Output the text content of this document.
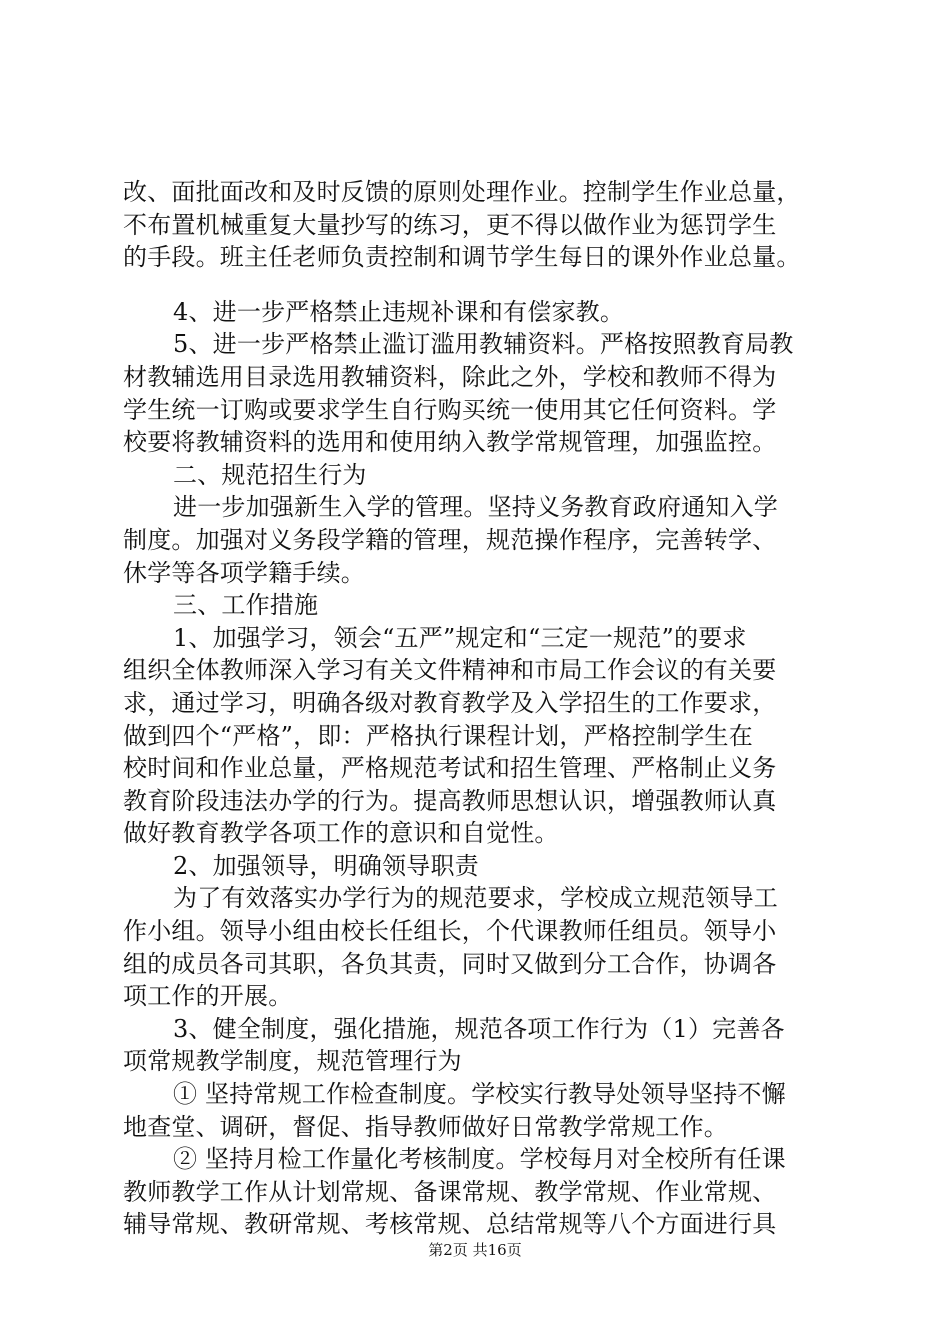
改、面批面改和及时反馈的原则处理作业。控制学生作业总量，
不布置机械重复大量抄写的练习，更不得以做作业为惩罚学生
的手段。班主任老师负责控制和调节学生每日的课外作业总量。
4、进一步严格禁止违规补课和有偿家教。
5、进一步严格禁止滥订滥用教辅资料。严格按照教育局教
材教辅选用目录选用教辅资料，除此之外，学校和教师不得为
学生统一订购或要求学生自行购买统一使用其它任何资料。学
校要将教辅资料的选用和使用纳入教学常规管理，加强监控。
二、规范招生行为
进一步加强新生入学的管理。坚持义务教育政府通知入学
制度。加强对义务段学籍的管理，规范操作程序，完善转学、
休学等各项学籍手续。
三、工作措施
1、加强学习，领会“五严”规定和“三定一规范”的要求
组织全体教师深入学习有关文件精神和市局工作会议的有关要
求，通过学习，明确各级对教育教学及入学招生的工作要求，
做到四个“严格”，即：严格执行课程计划，严格控制学生在
校时间和作业总量，严格规范考试和招生管理、严格制止义务
教育阶段违法办学的行为。提高教师思想认识，增强教师认真
做好教育教学各项工作的意识和自觉性。
2、加强领导，明确领导职责
为了有效落实办学行为的规范要求，学校成立规范领导工
作小组。领导小组由校长任组长，个代课教师任组员。领导小
组的成员各司其职，各负其责，同时又做到分工合作，协调各
项工作的开展。
3、健全制度，强化措施，规范各项工作行为（1）完善各
项常规教学制度，规范管理行为
① 坚持常规工作检查制度。学校实行教导处领导坚持不懈
地查堂、调研，督促、指导教师做好日常教学常规工作。
② 坚持月检工作量化考核制度。学校每月对全校所有任课
教师教学工作从计划常规、备课常规、教学常规、作业常规、
辅导常规、教研常规、考核常规、总结常规等八个方面进行具
第2页 共16页
